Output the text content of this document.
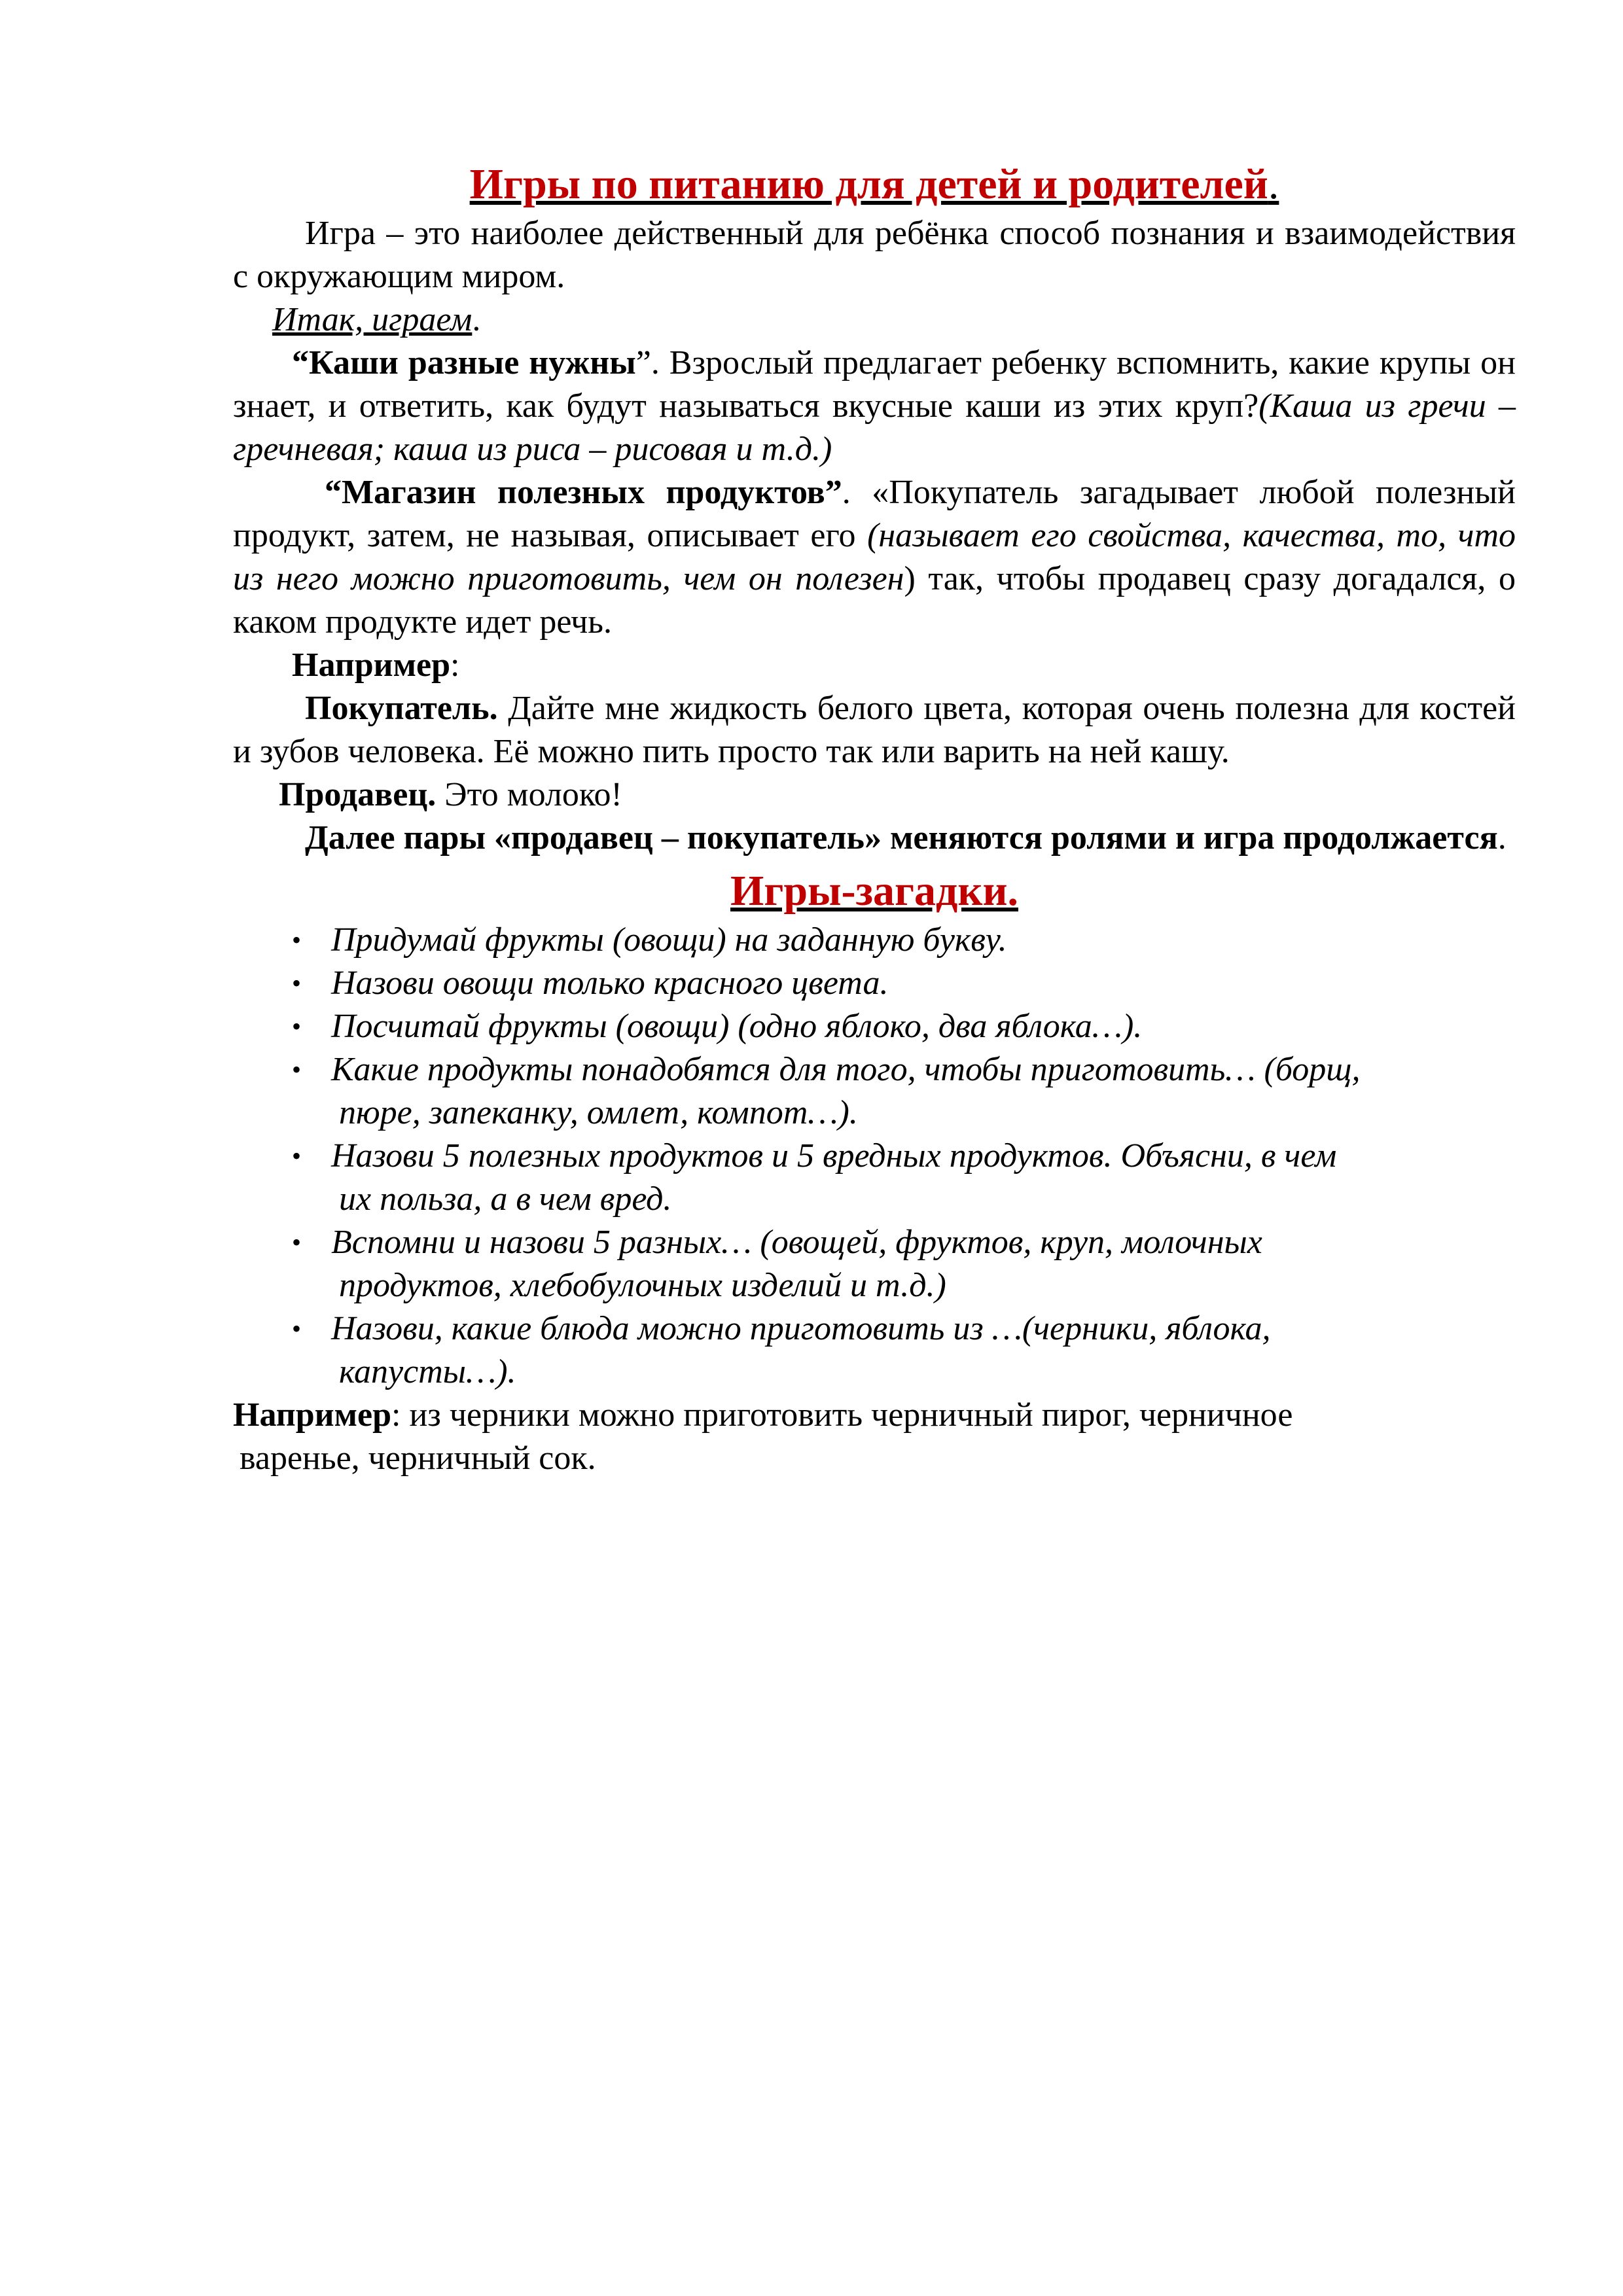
Игры по питанию для детей и родителей.

Игра – это наиболее действенный для ребёнка способ познания и взаимодействия с окружающим миром.

Итак, играем.

“Каши разные нужны”. Взрослый предлагает ребенку вспомнить, какие крупы он знает, и ответить, как будут называться вкусные каши из этих круп?(Каша из гречи – гречневая; каша из риса – рисовая и т.д.)

“Магазин полезных продуктов”. «Покупатель загадывает любой полезный продукт, затем, не называя, описывает его (называет его свойства, качества, то, что из него можно приготовить, чем он полезен) так, чтобы продавец сразу догадался, о каком продукте идет речь.

Например:

Покупатель. Дайте мне жидкость белого цвета, которая очень полезна для костей и зубов человека. Её можно пить просто так или варить на ней кашу.

Продавец. Это молоко!

Далее пары «продавец – покупатель» меняются ролями и игра продолжается.

Игры-загадки.
• Придумай фрукты (овощи) на заданную букву.
• Назови овощи только красного цвета.
• Посчитай фрукты (овощи) (одно яблоко, два яблока…).
• Какие продукты понадобятся для того, чтобы приготовить… (борщ,
пюре, запеканку, омлет, компот…).
• Назови 5 полезных продуктов и 5 вредных продуктов. Объясни, в чем
их польза, а в чем вред.
• Вспомни и назови 5 разных… (овощей, фруктов, круп, молочных
продуктов, хлебобулочных изделий и т.д.)
• Назови, какие блюда можно приготовить из …(черники, яблока,
капусты…).

Например: из черники можно приготовить черничный пирог, черничное

варенье, черничный сок.
